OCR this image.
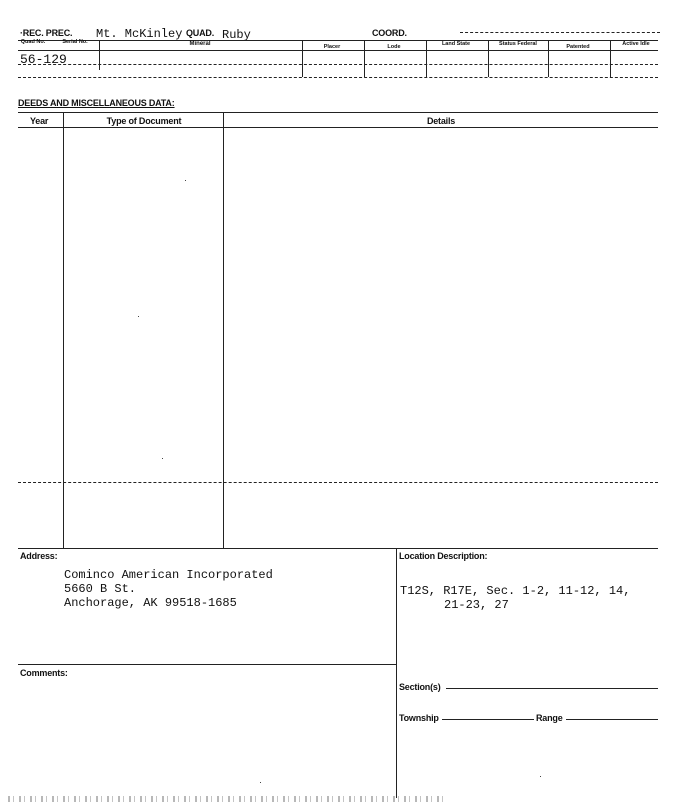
·REC. PREC. Mt. McKinley QUAD. Ruby	COORD.
Quad No.	Serial No.	Mineral	Placer	Lode	Land State	Status Federal	Patented	Active Idle
56-129
DEEDS AND MISCELLANEOUS DATA:
Year	Type of Document	Details
Address:
Cominco American Incorporated
5660 B St.
Anchorage, AK 99518-1685
Location Description:
T12S, R17E, Sec. 1-2, 11-12, 14,
21-23, 27
Comments:
Section(s)
Township	Range
